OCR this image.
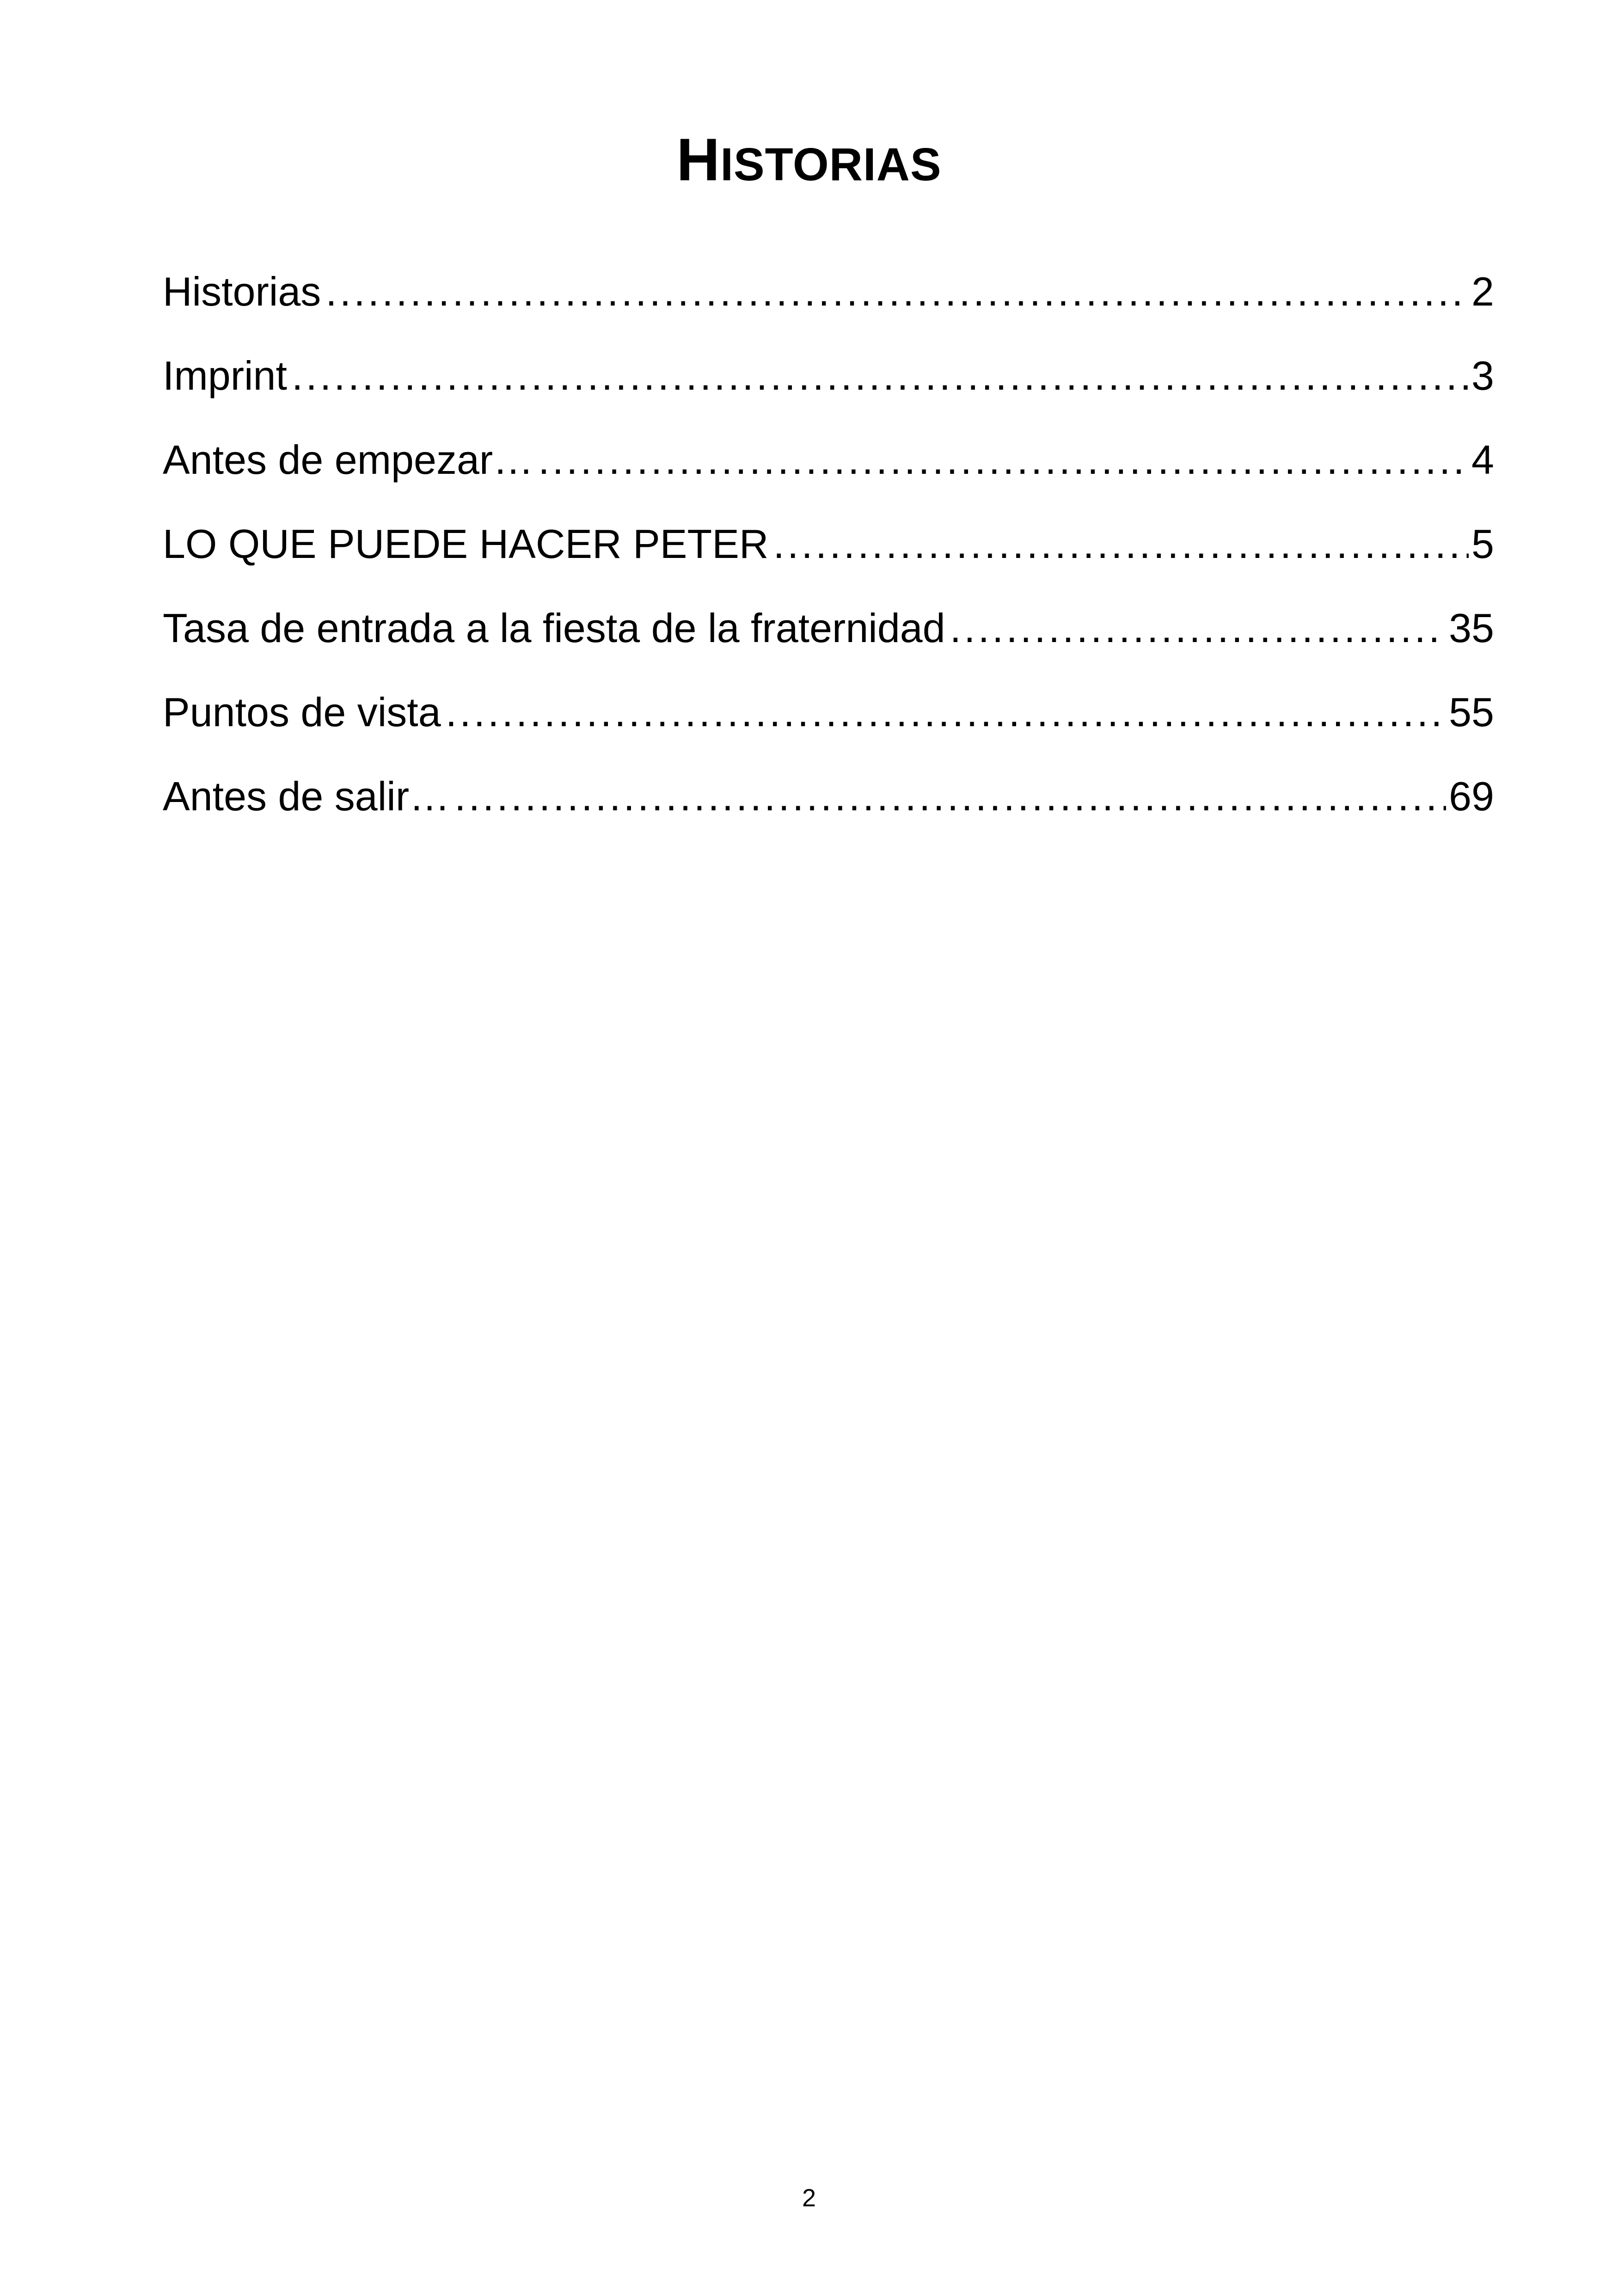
HISTORIAS
Historias .....	2
Imprint .....	3
Antes de empezar… .....	4
LO QUE PUEDE HACER PETER .....	5
Tasa de entrada a la fiesta de la fraternidad .....	35
Puntos de vista .....	55
Antes de salir… .....	69
2
